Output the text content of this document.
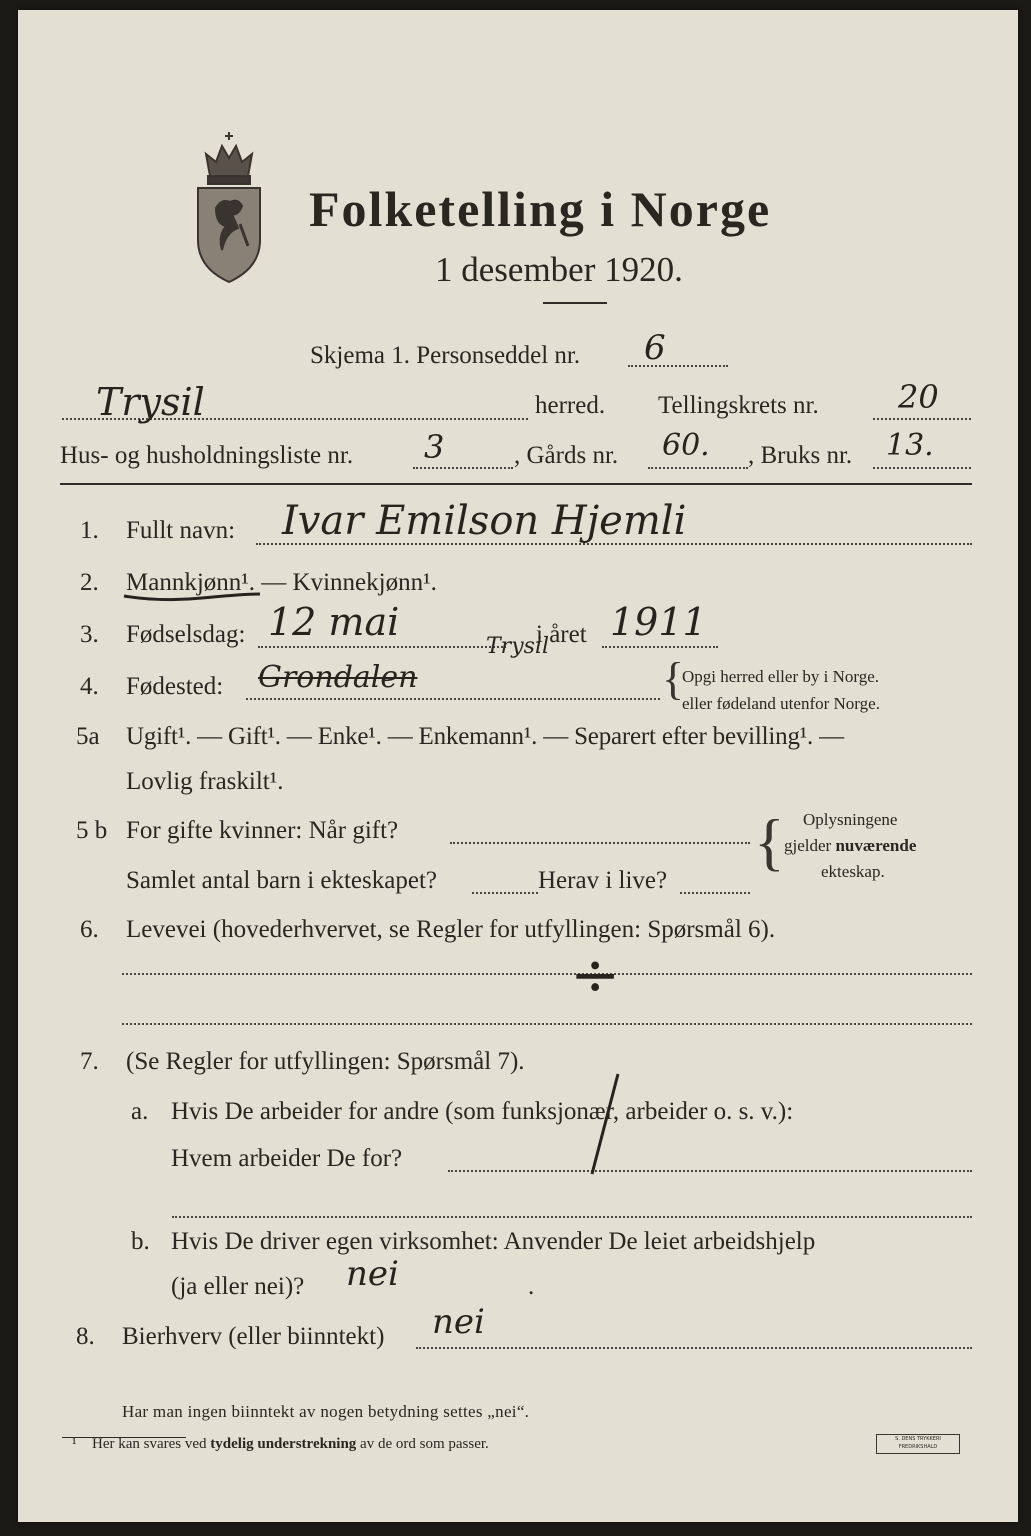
Folketelling i Norge
1 desember 1920.
Skjema 1. Personseddel nr. 6
Trysil	herred. Tellingskrets nr. 20
Hus- og husholdningsliste nr. 3	, Gårds nr. 60. , Bruks nr. 13.
1. Fullt navn: Ivar Emilson Hjemli
2. Mannkjønn¹. — Kvinnekjønn¹.
3. Fødselsdag: 12 mai	i året 1911
4. Fødested: Grondalen
Trysil
{
Opgi herred eller by i Norge.
eller fødeland utenfor Norge.
5a Ugift¹. — Gift¹. — Enke¹. — Enkemann¹. — Separert efter bevilling¹. —
Lovlig fraskilt¹.
5 b For gifte kvinner: Når gift?
Samlet antal barn i ekteskapet?	Herav i live?
{ Oplysningene
gjelder nuværende
ekteskap.
6. Levevei (hovederhvervet, se Regler for utfyllingen: Spørsmål 6).
÷
7. (Se Regler for utfyllingen: Spørsmål 7).
a. Hvis De arbeider for andre (som funksjonær, arbeider o. s. v.):
Hvem arbeider De for?
b. Hvis De driver egen virksomhet: Anvender De leiet arbeidshjelp
(ja eller nei)? nei	.
8. Bierhverv (eller biinntekt) nei
Har man ingen biinntekt av nogen betydning settes „nei“.
¹ Her kan svares ved tydelig understrekning av de ord som passer.	S. DENS TRYKKERI FREDRIKSHALD
